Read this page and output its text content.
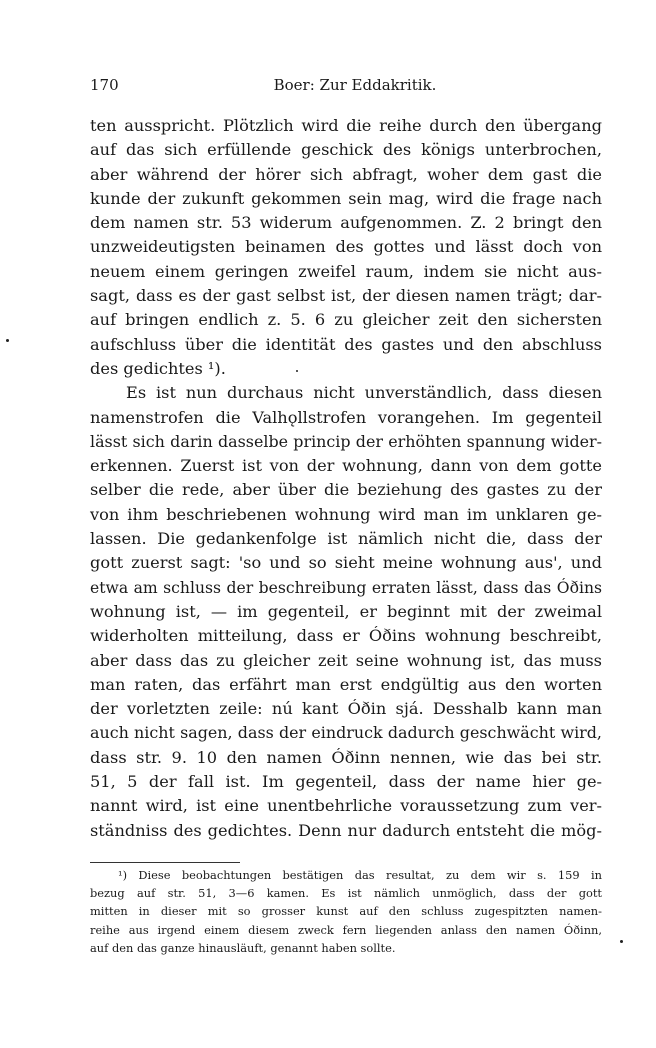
170	Boer: Zur Eddakritik.
ten ausspricht. Plötzlich wird die reihe durch den übergang
auf das sich erfüllende geschick des königs unterbrochen,
aber während der hörer sich abfragt, woher dem gast die
kunde der zukunft gekommen sein mag, wird die frage nach
dem namen str. 53 widerum aufgenommen. Z. 2 bringt den
unzweideutigsten beinamen des gottes und lässt doch von
neuem einem geringen zweifel raum, indem sie nicht aus-
sagt, dass es der gast selbst ist, der diesen namen trägt; dar-
auf bringen endlich z. 5. 6 zu gleicher zeit den sichersten
aufschluss über die identität des gastes und den abschluss
des gedichtes ¹).
Es ist nun durchaus nicht unverständlich, dass diesen
namenstrofen die Valhǫllstrofen vorangehen. Im gegenteil
lässt sich darin dasselbe princip der erhöhten spannung wider-
erkennen. Zuerst ist von der wohnung, dann von dem gotte
selber die rede, aber über die beziehung des gastes zu der
von ihm beschriebenen wohnung wird man im unklaren ge-
lassen. Die gedankenfolge ist nämlich nicht die, dass der
gott zuerst sagt: 'so und so sieht meine wohnung aus', und
etwa am schluss der beschreibung erraten lässt, dass das Óðins
wohnung ist, — im gegenteil, er beginnt mit der zweimal
widerholten mitteilung, dass er Óðins wohnung beschreibt,
aber dass das zu gleicher zeit seine wohnung ist, das muss
man raten, das erfährt man erst endgültig aus den worten
der vorletzten zeile: nú kant Óðin sjá. Desshalb kann man
auch nicht sagen, dass der eindruck dadurch geschwächt wird,
dass str. 9. 10 den namen Óðinn nennen, wie das bei str.
51, 5 der fall ist. Im gegenteil, dass der name hier ge-
nannt wird, ist eine unentbehrliche voraussetzung zum ver-
ständniss des gedichtes. Denn nur dadurch entsteht die mög-
¹) Diese beobachtungen bestätigen das resultat, zu dem wir s. 159 in
bezug auf str. 51, 3—6 kamen. Es ist nämlich unmöglich, dass der gott
mitten in dieser mit so grosser kunst auf den schluss zugespitzten namen-
reihe aus irgend einem diesem zweck fern liegenden anlass den namen Óðinn,
auf den das ganze hinausläuft, genannt haben sollte.
